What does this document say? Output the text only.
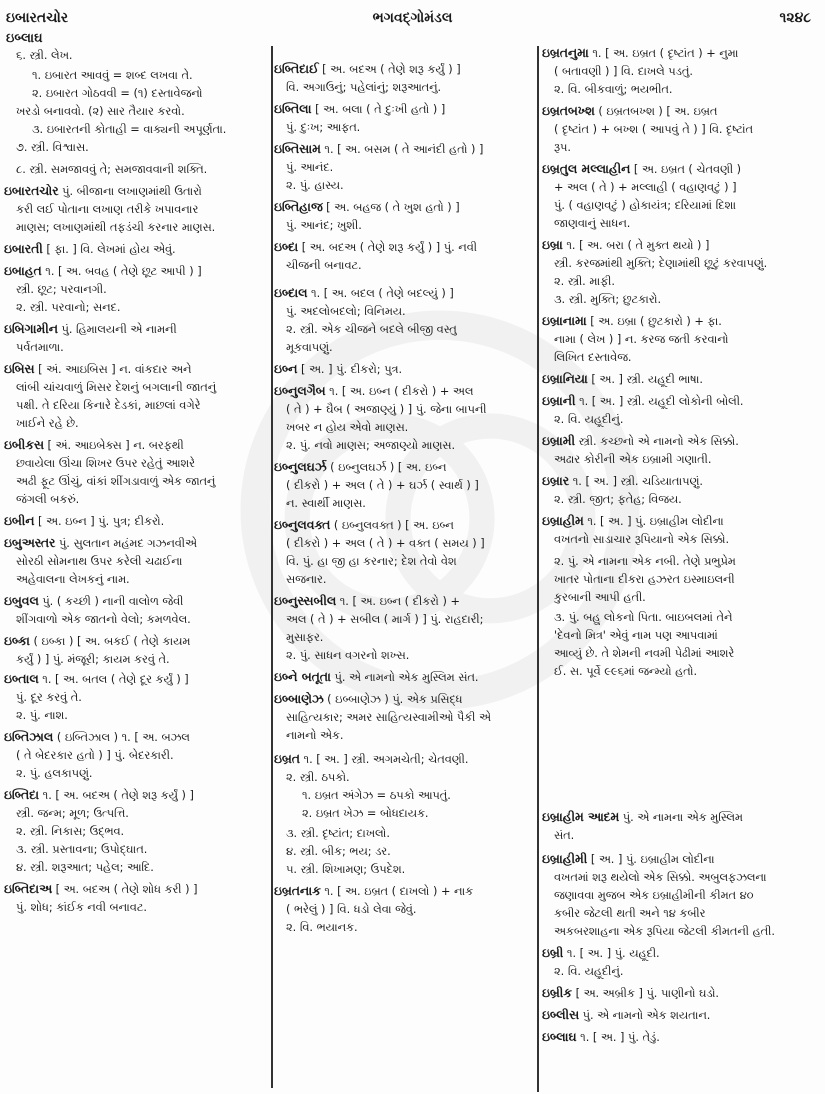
ઇબારતચોર	ભગવદ્ગોમંડલ	૧૨૪૮
ઇબ્લાઘ
૬. સ્ત્રી. લેખ.
૧. ઇબારત આવવું = શબ્દ લખવા તે.
૨. ઇબારત ગોઠવવી = (૧) દસ્તાવેજનો
ખરડો બનાવવો. (૨) સાર તૈયાર કરવો.
૩. ઇબારતની કોતાહી = વાક્યની અપૂર્ણતા.
૭. સ્ત્રી. વિશ્વાસ.
૮. સ્ત્રી. સમજાવવું તે; સમજાવવાની શક્તિ.
ઇબારતચોર પું. બીજાના લખાણમાંથી ઉતારો
કરી લઈ પોતાના લખાણ તરીકે ખપાવનાર
માણસ; લખાણમાંથી તફડંચી કરનાર માણસ.
ઇબારતી [ ફા. ] વિ. લેખમાં હોય એવું.
ઇબાહત ૧. [ અ. બવહ ( તેણે છૂટ આપી ) ]
સ્ત્રી. છૂટ; પરવાનગી.
૨. સ્ત્રી. પરવાનો; સનદ.
ઇબિગામીન પું. હિમાલયની એ નામની
પર્વતમાળા.
ઇબિસ [ અં. આઇબિસ ] ન. વાંકદાર અને
લાંબી ચાંચવાળું મિસર દેશનું બગલાની જાતનું
પક્ષી. તે દરિયા કિનારે દેડકાં, માછલાં વગેરે
ખાઈને રહે છે.
ઇબીકસ [ અં. આઇબેક્સ ] ન. બરફથી
છવાયેલા ઊંચા શિખર ઉપર રહેતું આશરે
અઢી ફૂટ ઊંચું, વાંકાં શીંગડાવાળું એક જાતનું
જંગલી બકરું.
ઇબીન [ અ. ઇબ્ન ] પું. પુત્ર; દીકરો.
ઇબુઅસ્તર પું. સુલતાન મહંમદ ગઝનવીએ
સોરઠી સોમનાથ ઉપર કરેલી ચઢાઈના
અહેવાલના લેખકનું નામ.
ઇબુવલ પું. ( કચ્છી ) નાની વાલોળ જેવી
શીંગવાળો એક જાતનો વેલો; કમળવેલ.
ઇબ્કા ( ઇબ્કા ) [ અ. બકઈ ( તેણે કાયમ
કર્યું ) ] પું. મંજૂરી; કાયમ કરવું તે.
ઇબ્તાલ ૧. [ અ. બતલ ( તેણે દૂર કર્યું ) ]
પું. દૂર કરવું તે.
૨. પું. નાશ.
ઇબ્તિઝાલ ( ઇબ્તિઝાલ ) ૧. [ અ. બઝલ
( તે બેદરકાર હતો ) ] પું. બેદરકારી.
૨. પું. હલકાપણું.
ઇબ્તિદા ૧. [ અ. બદઅ ( તેણે શરૂ કર્યું ) ]
સ્ત્રી. જન્મ; મૂળ; ઉત્પત્તિ.
૨. સ્ત્રી. નિકાસ; ઉદ્ભવ.
૩. સ્ત્રી. પ્રસ્તાવના; ઉપોદ્ઘાત.
૪. સ્ત્રી. શરૂઆત; પહેલ; આદિ.
ઇબ્તિદાઅ [ અ. બદઅ ( તેણે શોધ કરી ) ]
પું. શોધ; કાંઈક નવી બનાવટ.
ઇબ્તિદાઈ [ અ. બદઅ ( તેણે શરૂ કર્યું ) ]
વિ. અગાઉનું; પહેલાંનું; શરૂઆતનું.
ઇબ્તિલા [ અ. બલા ( તે દુઃખી હતો ) ]
પું. દુઃખ; આફત.
ઇબ્તિસામ ૧. [ અ. બસમ ( તે આનંદી હતો ) ]
પું. આનંદ.
૨. પું. હાસ્ય.
ઇબ્તિહાજ [ અ. બહજ ( તે ખુશ હતો ) ]
પું. આનંદ; ખુશી.
ઇબ્દા [ અ. બદઅ ( તેણે શરૂ કર્યું ) ] પું. નવી
ચીજની બનાવટ.
ઇબ્દાલ ૧. [ અ. બદલ ( તેણે બદલ્યું ) ]
પું. અદલોબદલો; વિનિમય.
૨. સ્ત્રી. એક ચીજને બદલે બીજી વસ્તુ
મૂકવાપણું.
ઇબ્ન [ અ. ] પું. દીકરો; પુત્ર.
ઇબ્નુલગૈબ ૧. [ અ. ઇબ્ન ( દીકરો ) + અલ
( તે ) + ઘૈબ ( અજાણ્યું ) ] પું. જેના બાપની
ખબર ન હોય એવો માણસ.
૨. પું. નવો માણસ; અજાણ્યો માણસ.
ઇબ્નુલઘર્ઝ ( ઇબ્નુલઘર્ઝ ) [ અ. ઇબ્ન
( દીકરો ) + અલ ( તે ) + ઘર્ઝ ( સ્વાર્થ ) ]
ન. સ્વાર્થી માણસ.
ઇબ્નુલવક્ત ( ઇબ્નુલવક્ત ) [ અ. ઇબ્ન
( દીકરો ) + અલ ( તે ) + વક્ત ( સમય ) ]
વિ. પું. હા જી હા કરનાર; દેશ તેવો વેશ
સજનાર.
ઇબ્નુસ્સબીલ ૧. [ અ. ઇબ્ન ( દીકરો ) +
અલ ( તે ) + સબીલ ( માર્ગ ) ] પું. રાહદારી;
મુસાફર.
૨. પું. સાધન વગરનો શખ્સ.
ઇબ્ને બતૂતા પું. એ નામનો એક મુસ્લિમ સંત.
ઇબ્બાણેઝ ( ઇબ્બાણેઝ ) પું. એક પ્રસિદ્ધ
સાહિત્યકાર; અમર સાહિત્યસ્વામીઓ પૈકી એ
નામનો એક.
ઇબ્રત ૧. [ અ. ] સ્ત્રી. અગમચેતી; ચેતવણી.
૨. સ્ત્રી. ઠપકો.
૧. ઇબ્રત અંગેઝ = ઠપકો આપતું.
૨. ઇબ્રત ખેઝ = બોધદાયક.
૩. સ્ત્રી. દૃષ્ટાંત; દાખલો.
૪. સ્ત્રી. બીક; ભય; ડર.
૫. સ્ત્રી. શિખામણ; ઉપદેશ.
ઇબ્રતનાક ૧. [ અ. ઇબ્રત ( દાખલો ) + નાક
( ભરેલું ) ] વિ. ધડો લેવા જેવું.
૨. વિ. ભયાનક.
ઇબ્રતનુમા ૧. [ અ. ઇબ્રત ( દૃષ્ટાંત ) + નુમા
( બતાવણી ) ] વિ. દાખલે પડતું.
૨. વિ. બીકવાળું; ભયભીત.
ઇબ્રતબખ્શ ( ઇબ્રતબખ્શ ) [ અ. ઇબ્રત
( દૃષ્ટાંત ) + બખ્શ ( આપવું તે ) ] વિ. દૃષ્ટાંત
રૂપ.
ઇબ્રતુલ મલ્લાહીન [ અ. ઇબ્રત ( ચેતવણી )
+ અલ ( તે ) + મલ્લાહી ( વહાણવટું ) ]
પું. ( વહાણવટું ) હોકાયંત્ર; દરિયામાં દિશા
જાણવાનું સાધન.
ઇબ્રા ૧. [ અ. બરા ( તે મુક્ત થયો ) ]
સ્ત્રી. કરજમાંથી મુક્તિ; દેણામાંથી છૂટું કરવાપણું.
૨. સ્ત્રી. માફી.
૩. સ્ત્રી. મુક્તિ; છુટકારો.
ઇબ્રાનામા [ અ. ઇબ્રા ( છુટકારો ) + ફા.
નામા ( લેખ ) ] ન. કરજ જતી કરવાનો
લિખિત દસ્તાવેજ.
ઇબ્રાનિયા [ અ. ] સ્ત્રી. યહૂદી ભાષા.
ઇબ્રાની ૧. [ અ. ] સ્ત્રી. યહૂદી લોકોની બોલી.
૨. વિ. યહૂદીનું.
ઇબ્રામી સ્ત્રી. કચ્છનો એ નામનો એક સિક્કો.
અઢાર કોરીની એક ઇબ્રામી ગણાતી.
ઇબ્રાર ૧. [ અ. ] સ્ત્રી. ચડિયાતાપણું.
૨. સ્ત્રી. જીત; ફતેહ; વિજય.
ઇબ્રાહીમ ૧. [ અ. ] પું. ઇબ્રાહીમ લોદીના
વખતનો સાડાચાર રૂપિયાનો એક સિક્કો.
૨. પું. એ નામના એક નબી. તેણે પ્રભુપ્રેમ
ખાતર પોતાના દીકરા હઝરત ઇસ્માઇલની
કુરબાની આપી હતી.
૩. પું. બહુ લોકનો પિતા. બાઇબલમાં તેને
'દેવનો મિત્ર' એવું નામ પણ આપવામાં
આવ્યું છે. તે શેમની નવમી પેઢીમાં આશરે
ઈ. સ. પૂર્વે ૯૯૬માં જન્મ્યો હતો.
ઇબ્રાહીમ આદમ પું. એ નામના એક મુસ્લિમ
સંત.
ઇબ્રાહીમી [ અ. ] પું. ઇબ્રાહીમ લોદીના
વખતમાં શરૂ થયેલો એક સિક્કો. અબુલફઝલના
જણાવવા મુજબ એક ઇબ્રાહીમીની કીમત ૪૦
કબીર જેટલી થતી અને ૧૪ કબીર
અકબરશાહના એક રૂપિયા જેટલી કીમતની હતી.
ઇબ્રી ૧. [ અ. ] પું. યહૂદી.
૨. વિ. યહૂદીનું.
ઇબ્રીક [ અ. અબ્રીક ] પું. પાણીનો ઘડો.
ઇબ્લીસ પું. એ નામનો એક શયતાન.
ઇબ્લાઘ ૧. [ અ. ] પું. તેડું.
